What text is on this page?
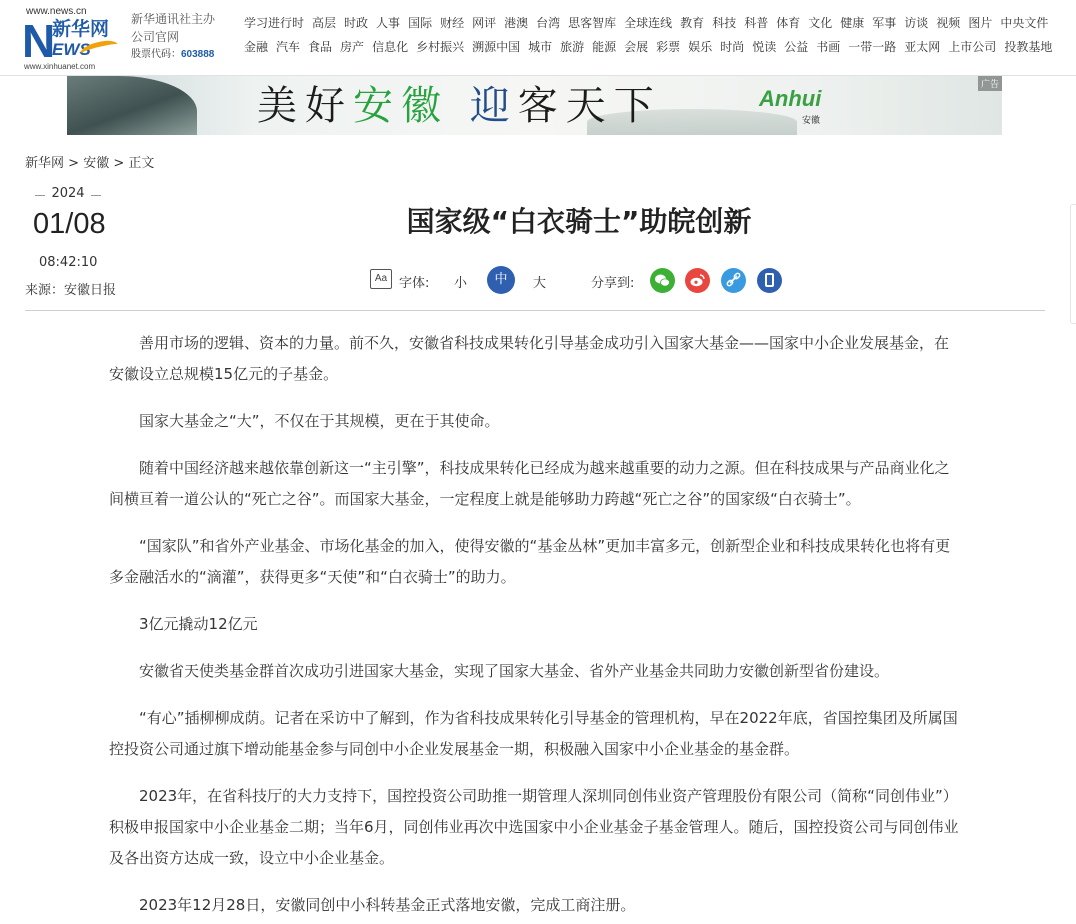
www.news.cn
N
新华网
EWS
www.xinhuanet.com
新华通讯社主办
公司官网
股票代码：603888
学习进行时 高层 时政 人事 国际 财经 网评 港澳 台湾 思客智库 全球连线 教育 科技 科普 体育 文化 健康 军事 访谈 视频 图片 中央文件
金融 汽车 食品 房产 信息化 乡村振兴 溯源中国 城市 旅游 能源 会展 彩票 娱乐 时尚 悦读 公益 书画 一带一路 亚太网 上市公司 投教基地
美好安徽 迎客天下	Anhui
安徽
广告
新华网 > 安徽 > 正文
2024
01/08
08:42:10
来源：安徽日报
国家级“白衣骑士”助皖创新
Aa 字体: 小	中	大	分享到:

善用市场的逻辑、资本的力量。前不久，安徽省科技成果转化引导基金成功引入国家大基金——国家中小企业发展基金，在安徽设立总规模15亿元的子基金。

国家大基金之“大”，不仅在于其规模，更在于其使命。

随着中国经济越来越依靠创新这一“主引擎”，科技成果转化已经成为越来越重要的动力之源。但在科技成果与产品商业化之间横亘着一道公认的“死亡之谷”。而国家大基金，一定程度上就是能够助力跨越“死亡之谷”的国家级“白衣骑士”。

“国家队”和省外产业基金、市场化基金的加入，使得安徽的“基金丛林”更加丰富多元，创新型企业和科技成果转化也将有更多金融活水的“滴灌”，获得更多“天使”和“白衣骑士”的助力。

3亿元撬动12亿元

安徽省天使类基金群首次成功引进国家大基金，实现了国家大基金、省外产业基金共同助力安徽创新型省份建设。

“有心”插柳柳成荫。记者在采访中了解到，作为省科技成果转化引导基金的管理机构，早在2022年底，省国控集团及所属国控投资公司通过旗下增动能基金参与同创中小企业发展基金一期，积极融入国家中小企业基金的基金群。

2023年，在省科技厅的大力支持下，国控投资公司助推一期管理人深圳同创伟业资产管理股份有限公司（简称“同创伟业”）积极申报国家中小企业基金二期；当年6月，同创伟业再次中选国家中小企业基金子基金管理人。随后，国控投资公司与同创伟业及各出资方达成一致，设立中小企业基金。

2023年12月28日，安徽同创中小科转基金正式落地安徽，完成工商注册。
